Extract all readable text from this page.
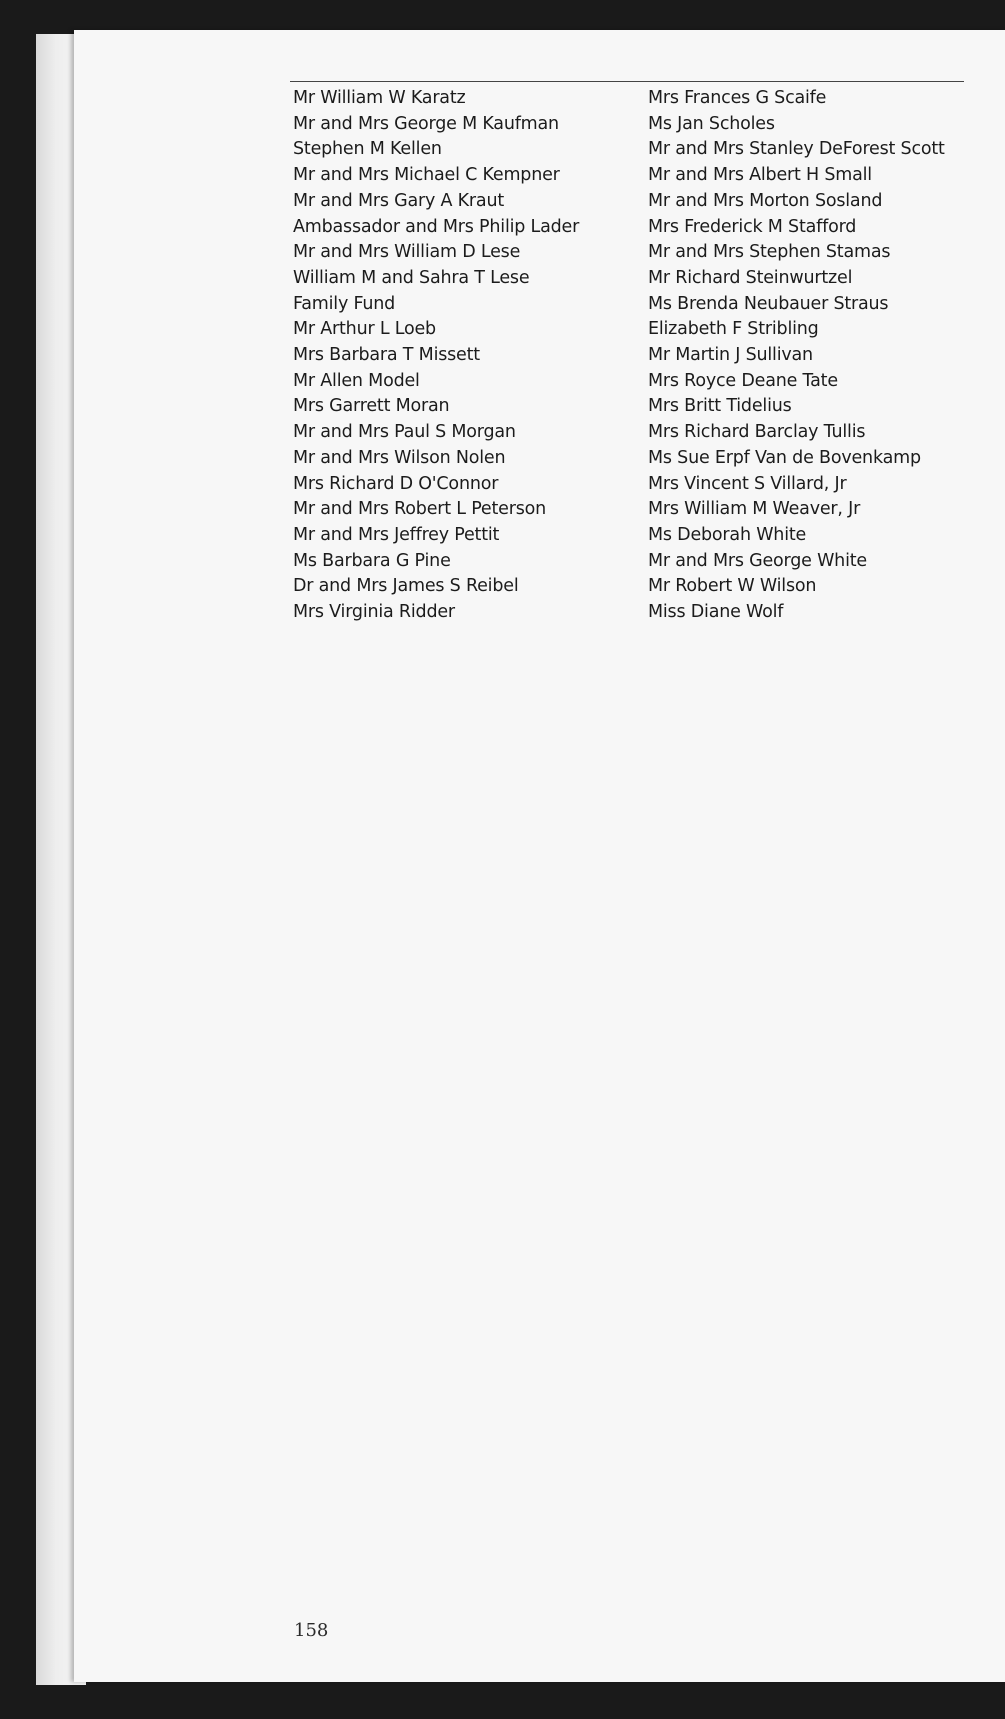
Mr William W Karatz
Mr and Mrs George M Kaufman
Stephen M Kellen
Mr and Mrs Michael C Kempner
Mr and Mrs Gary A Kraut
Ambassador and Mrs Philip Lader
Mr and Mrs William D Lese
William M and Sahra T Lese
Family Fund
Mr Arthur L Loeb
Mrs Barbara T Missett
Mr Allen Model
Mrs Garrett Moran
Mr and Mrs Paul S Morgan
Mr and Mrs Wilson Nolen
Mrs Richard D O'Connor
Mr and Mrs Robert L Peterson
Mr and Mrs Jeffrey Pettit
Ms Barbara G Pine
Dr and Mrs James S Reibel
Mrs Virginia Ridder
Mrs Frances G Scaife
Ms Jan Scholes
Mr and Mrs Stanley DeForest Scott
Mr and Mrs Albert H Small
Mr and Mrs Morton Sosland
Mrs Frederick M Stafford
Mr and Mrs Stephen Stamas
Mr Richard Steinwurtzel
Ms Brenda Neubauer Straus
Elizabeth F Stribling
Mr Martin J Sullivan
Mrs Royce Deane Tate
Mrs Britt Tidelius
Mrs Richard Barclay Tullis
Ms Sue Erpf Van de Bovenkamp
Mrs Vincent S Villard, Jr
Mrs William M Weaver, Jr
Ms Deborah White
Mr and Mrs George White
Mr Robert W Wilson
Miss Diane Wolf
158
